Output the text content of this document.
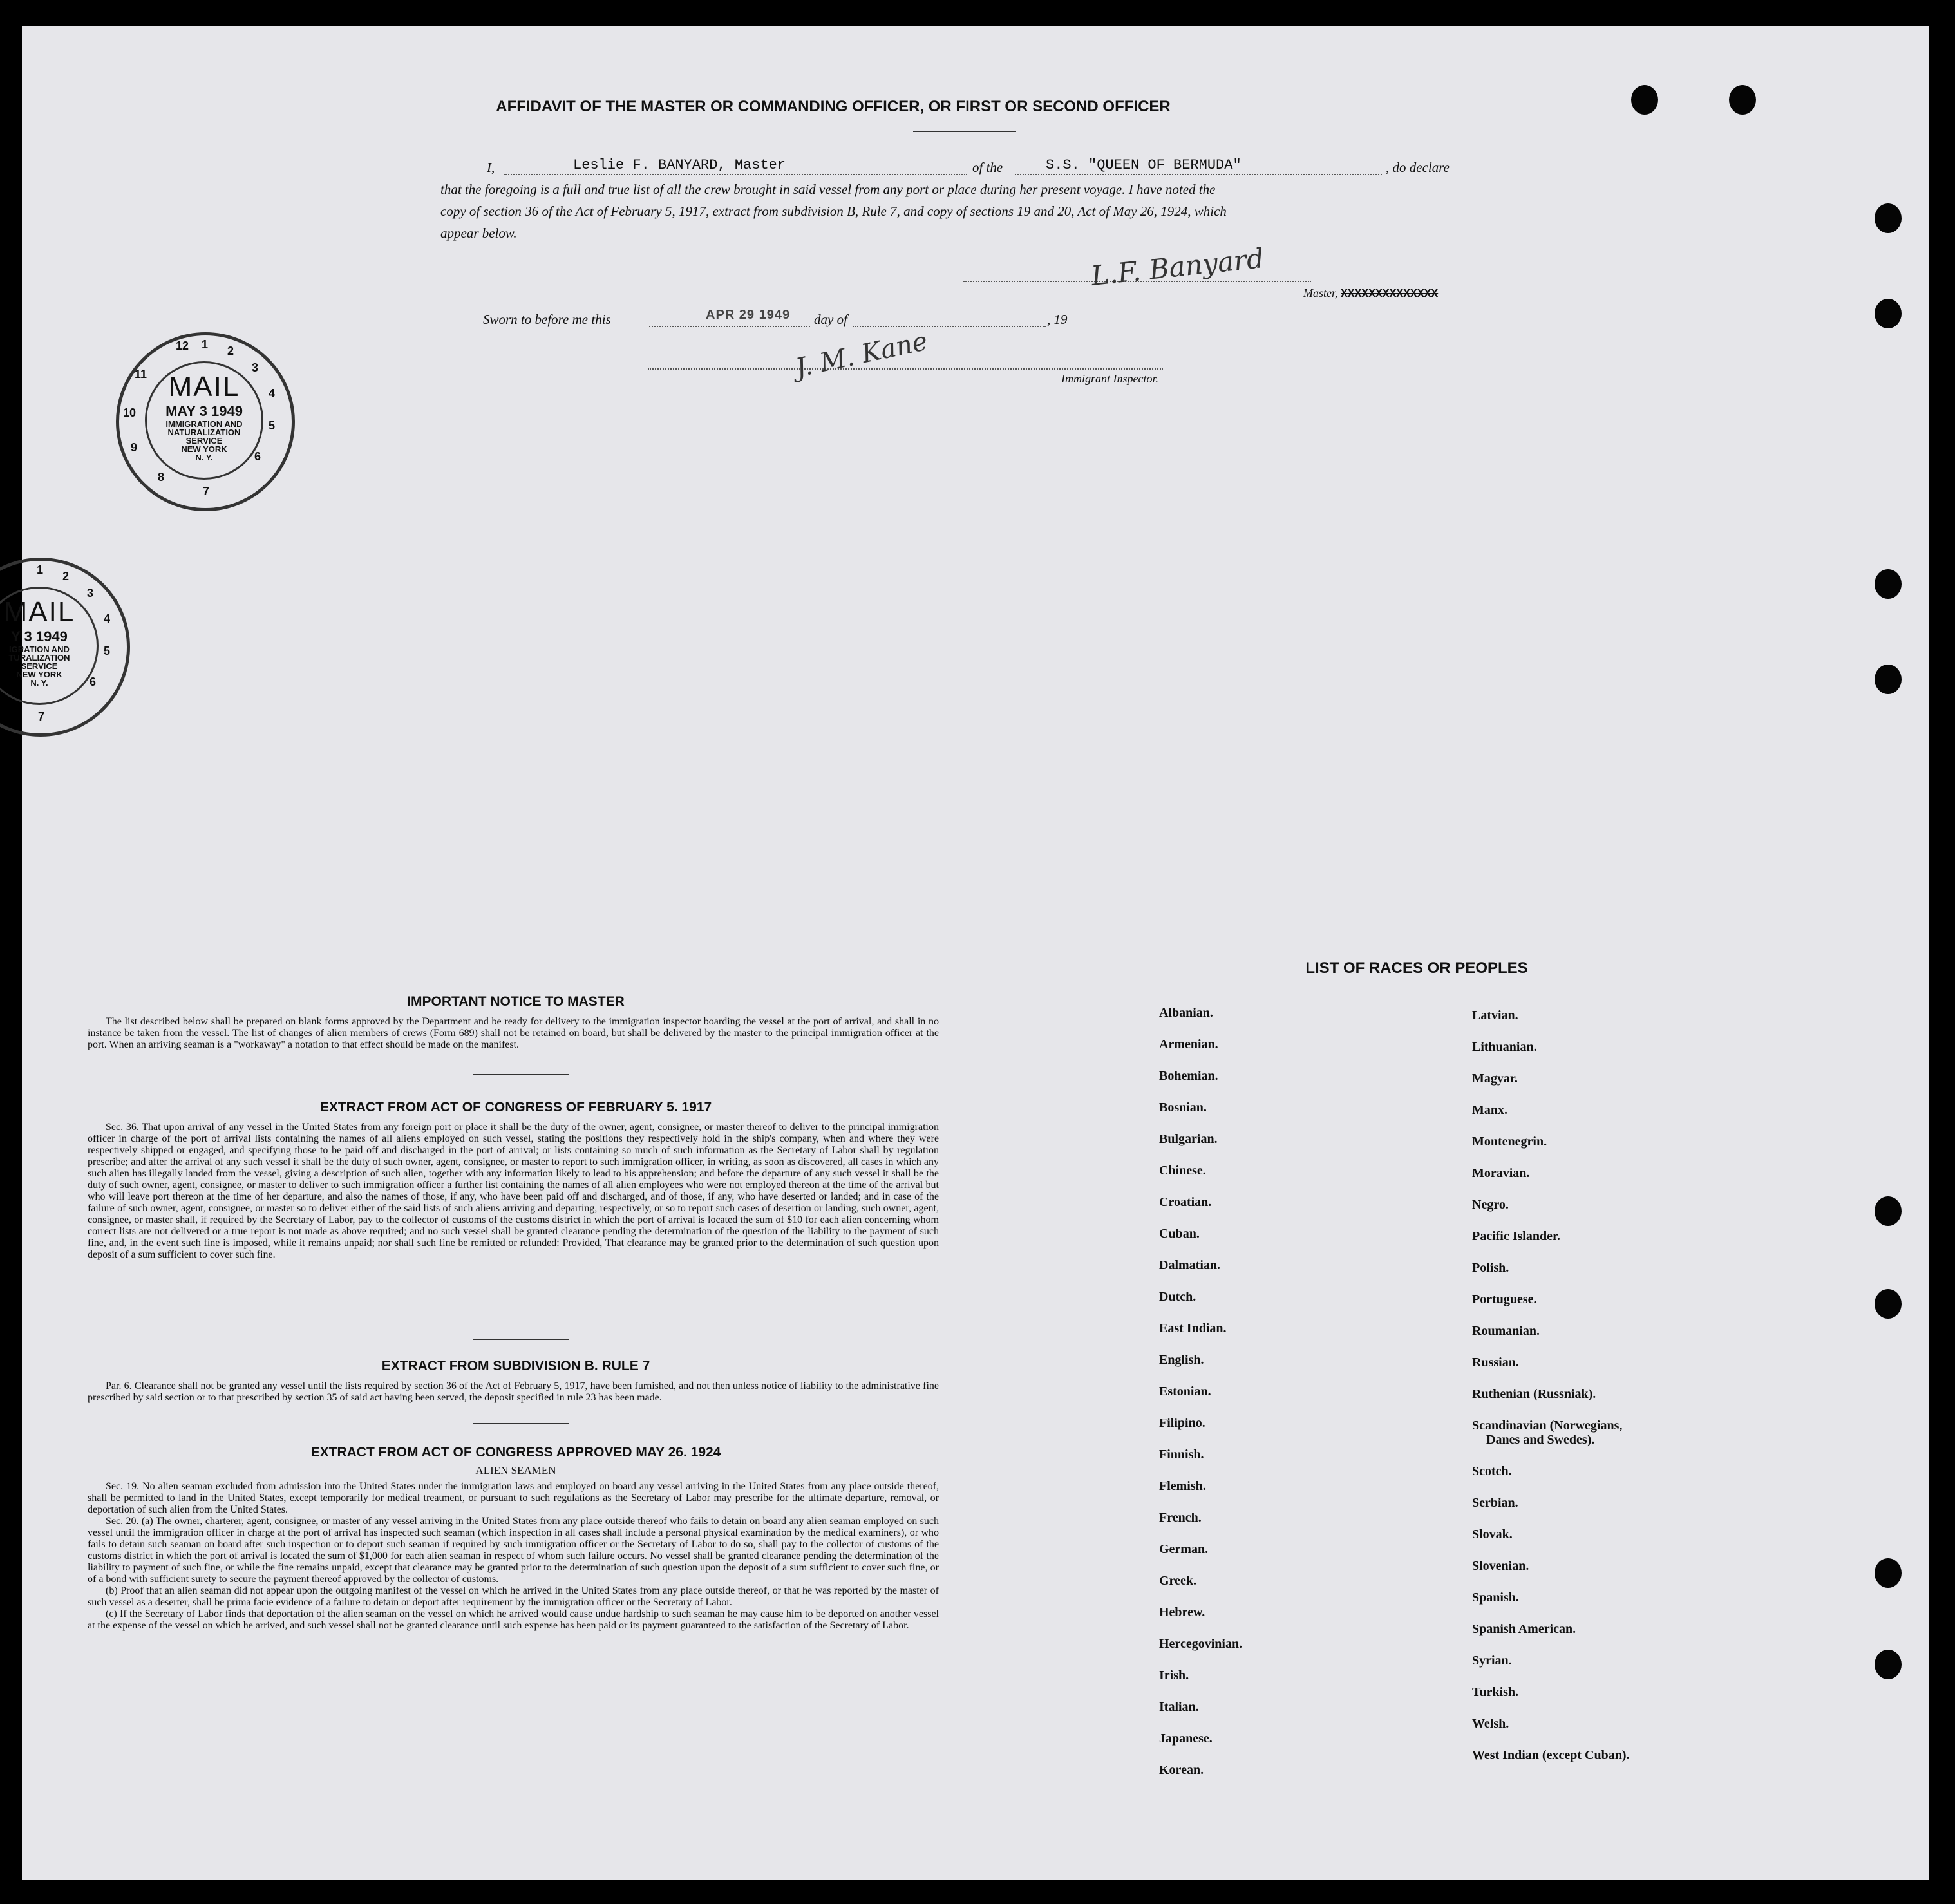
AFFIDAVIT OF THE MASTER OR COMMANDING OFFICER, OR FIRST OR SECOND OFFICER
I,	Leslie F. BANYARD, Master	of the	S.S. "QUEEN OF BERMUDA"	, do declare
that the foregoing is a full and true list of all the crew brought in said vessel from any port or place during her present voyage. I have noted the
copy of section 36 of the Act of February 5, 1917, extract from subdivision B, Rule 7, and copy of sections 19 and 20, Act of May 26, 1924, which
appear below.
L.F. Banyard
Master, XXXXXXXXXXXXXX
Sworn to before me this	APR 29 1949 day of	, 19
J. M. Kane	Immigrant Inspector.
12 1 2
3
4
5
6
7
8
9
10
11 MAIL
MAY 3 1949
IMMIGRATION AND
NATURALIZATION
SERVICE
NEW YORK
N. Y.
1 2
3
4
5
6
7
MAIL
Y 3 1949
IGRATION AND
TURALIZATION
SERVICE
NEW YORK
N. Y.
IMPORTANT NOTICE TO MASTER

The list described below shall be prepared on blank forms approved by the Department and be ready for delivery to the immigration inspector boarding the vessel at the port of arrival, and shall in no instance be taken from the vessel. The list of changes of alien members of crews (Form 689) shall not be retained on board, but shall be delivered by the master to the principal immigration officer at the port. When an arriving seaman is a "workaway" a notation to that effect should be made on the manifest.

EXTRACT FROM ACT OF CONGRESS OF FEBRUARY 5. 1917

Sec. 36. That upon arrival of any vessel in the United States from any foreign port or place it shall be the duty of the owner, agent, consignee, or master thereof to deliver to the principal immigration officer in charge of the port of arrival lists containing the names of all aliens employed on such vessel, stating the positions they respectively hold in the ship's company, when and where they were respectively shipped or engaged, and specifying those to be paid off and discharged in the port of arrival; or lists containing so much of such information as the Secretary of Labor shall by regulation prescribe; and after the arrival of any such vessel it shall be the duty of such owner, agent, consignee, or master to report to such immigration officer, in writing, as soon as discovered, all cases in which any such alien has illegally landed from the vessel, giving a description of such alien, together with any information likely to lead to his apprehension; and before the departure of any such vessel it shall be the duty of such owner, agent, consignee, or master to deliver to such immigration officer a further list containing the names of all alien employees who were not employed thereon at the time of the arrival but who will leave port thereon at the time of her departure, and also the names of those, if any, who have been paid off and discharged, and of those, if any, who have deserted or landed; and in case of the failure of such owner, agent, consignee, or master so to deliver either of the said lists of such aliens arriving and departing, respectively, or so to report such cases of desertion or landing, such owner, agent, consignee, or master shall, if required by the Secretary of Labor, pay to the collector of customs of the customs district in which the port of arrival is located the sum of $10 for each alien concerning whom correct lists are not delivered or a true report is not made as above required; and no such vessel shall be granted clearance pending the determination of the question of the liability to the payment of such fine, and, in the event such fine is imposed, while it remains unpaid; nor shall such fine be remitted or refunded: Provided, That clearance may be granted prior to the determination of such question upon deposit of a sum sufficient to cover such fine.

EXTRACT FROM SUBDIVISION B. RULE 7

Par. 6. Clearance shall not be granted any vessel until the lists required by section 36 of the Act of February 5, 1917, have been furnished, and not then unless notice of liability to the administrative fine prescribed by said section or to that prescribed by section 35 of said act having been served, the deposit specified in rule 23 has been made.

EXTRACT FROM ACT OF CONGRESS APPROVED MAY 26. 1924
ALIEN SEAMEN

Sec. 19. No alien seaman excluded from admission into the United States under the immigration laws and employed on board any vessel arriving in the United States from any place outside thereof, shall be permitted to land in the United States, except temporarily for medical treatment, or pursuant to such regulations as the Secretary of Labor may prescribe for the ultimate departure, removal, or deportation of such alien from the United States.

Sec. 20. (a) The owner, charterer, agent, consignee, or master of any vessel arriving in the United States from any place outside thereof who fails to detain on board any alien seaman employed on such vessel until the immigration officer in charge at the port of arrival has inspected such seaman (which inspection in all cases shall include a personal physical examination by the medical examiners), or who fails to detain such seaman on board after such inspection or to deport such seaman if required by such immigration officer or the Secretary of Labor to do so, shall pay to the collector of customs of the customs district in which the port of arrival is located the sum of $1,000 for each alien seaman in respect of whom such failure occurs. No vessel shall be granted clearance pending the determination of the liability to payment of such fine, or while the fine remains unpaid, except that clearance may be granted prior to the determination of such question upon the deposit of a sum sufficient to cover such fine, or of a bond with sufficient surety to secure the payment thereof approved by the collector of customs.

(b) Proof that an alien seaman did not appear upon the outgoing manifest of the vessel on which he arrived in the United States from any place outside thereof, or that he was reported by the master of such vessel as a deserter, shall be prima facie evidence of a failure to detain or deport after requirement by the immigration officer or the Secretary of Labor.

(c) If the Secretary of Labor finds that deportation of the alien seaman on the vessel on which he arrived would cause undue hardship to such seaman he may cause him to be deported on another vessel at the expense of the vessel on which he arrived, and such vessel shall not be granted clearance until such expense has been paid or its payment guaranteed to the satisfaction of the Secretary of Labor.

LIST OF RACES OR PEOPLES
Albanian.
Armenian.
Bohemian.
Bosnian.
Bulgarian.
Chinese.
Croatian.
Cuban.
Dalmatian.
Dutch.
East Indian.
English.
Estonian.
Filipino.
Finnish.
Flemish.
French.
German.
Greek.
Hebrew.
Hercegovinian.
Irish.
Italian.
Japanese.
Korean.
Latvian.
Lithuanian.
Magyar.
Manx.
Montenegrin.
Moravian.
Negro.
Pacific Islander.
Polish.
Portuguese.
Roumanian.
Russian.
Ruthenian (Russniak).
Scandinavian (Norwegians,
Danes and Swedes).
Scotch.
Serbian.
Slovak.
Slovenian.
Spanish.
Spanish American.
Syrian.
Turkish.
Welsh.
West Indian (except Cuban).
